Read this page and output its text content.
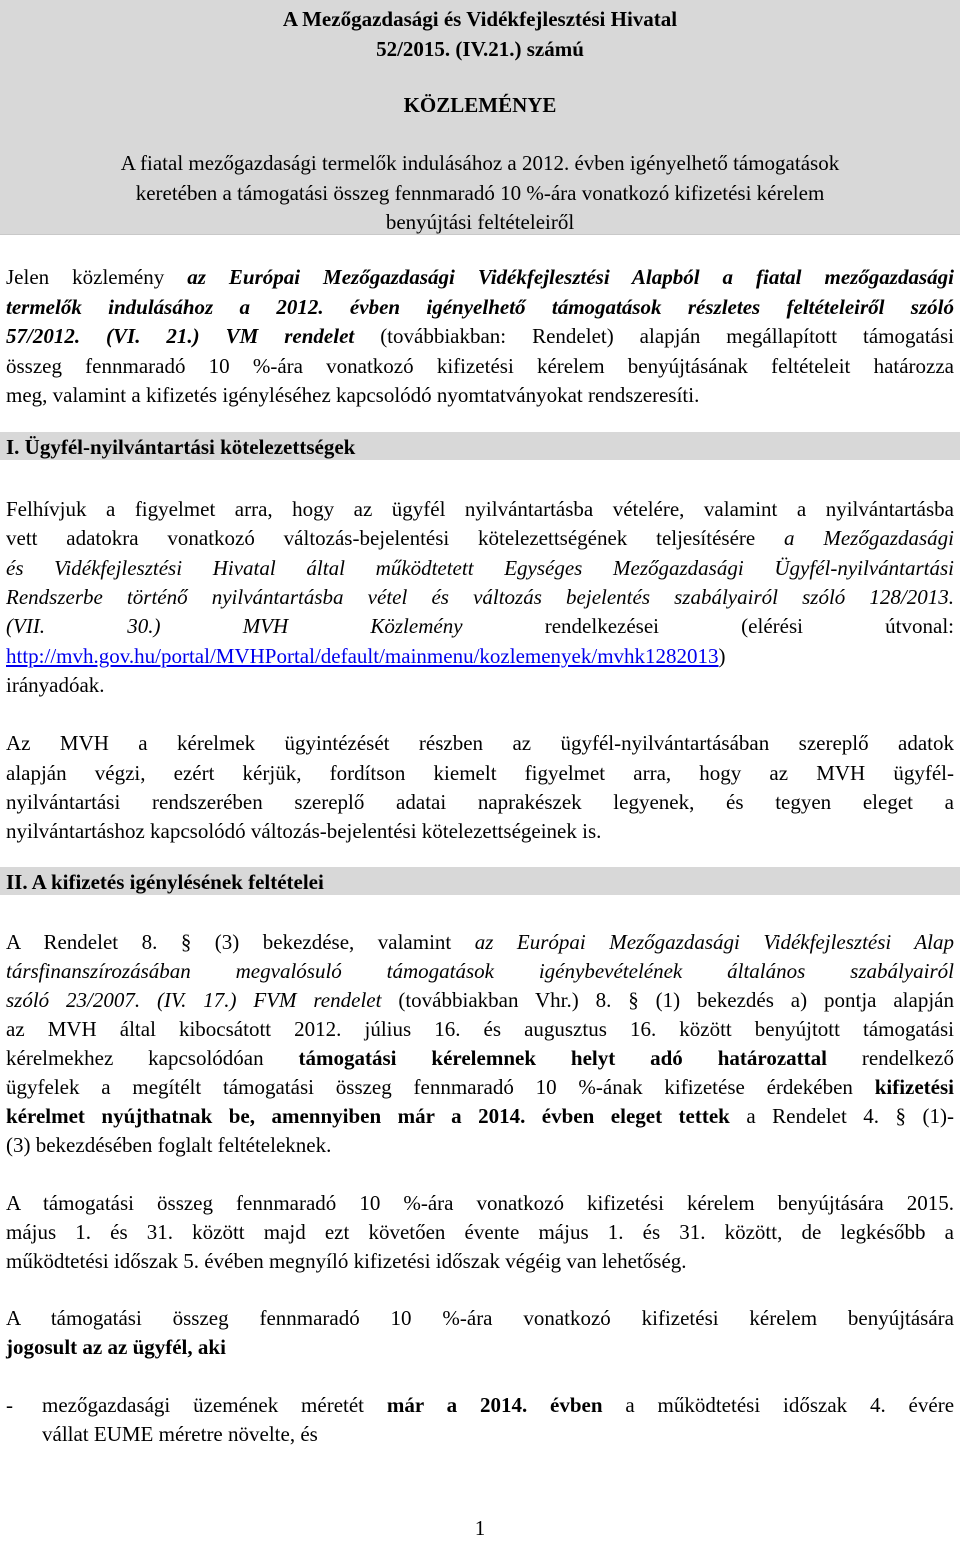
A Mezőgazdasági és Vidékfejlesztési Hivatal
52/2015. (IV.21.) számú
KÖZLEMÉNYE
A fiatal mezőgazdasági termelők indulásához a 2012. évben igényelhető támogatások
keretében a támogatási összeg fennmaradó 10 %-ára vonatkozó kifizetési kérelem
benyújtási feltételeiről
Jelen közlemény az Európai Mezőgazdasági Vidékfejlesztési Alapból a fiatal mezőgazdasági
termelők indulásához a 2012. évben igényelhető támogatások részletes feltételeiről szóló
57/2012. (VI. 21.) VM rendelet (továbbiakban: Rendelet) alapján megállapított támogatási
összeg fennmaradó 10 %-ára vonatkozó kifizetési kérelem benyújtásának feltételeit határozza
meg, valamint a kifizetés igényléséhez kapcsolódó nyomtatványokat rendszeresíti.
I. Ügyfél-nyilvántartási kötelezettségek
Felhívjuk a figyelmet arra, hogy az ügyfél nyilvántartásba vételére, valamint a nyilvántartásba
vett adatokra vonatkozó változás-bejelentési kötelezettségének teljesítésére a Mezőgazdasági
és Vidékfejlesztési Hivatal által működtetett Egységes Mezőgazdasági Ügyfél-nyilvántartási
Rendszerbe történő nyilvántartásba vétel és változás bejelentés szabályairól szóló 128/2013.
(VII. 30.) MVH Közlemény rendelkezései (elérési útvonal:
http://mvh.gov.hu/portal/MVHPortal/default/mainmenu/kozlemenyek/mvhk1282013)
irányadóak.
Az MVH a kérelmek ügyintézését részben az ügyfél-nyilvántartásában szereplő adatok
alapján végzi, ezért kérjük, fordítson kiemelt figyelmet arra, hogy az MVH ügyfél-
nyilvántartási rendszerében szereplő adatai naprakészek legyenek, és tegyen eleget a
nyilvántartáshoz kapcsolódó változás-bejelentési kötelezettségeinek is.
II. A kifizetés igénylésének feltételei
A Rendelet 8. § (3) bekezdése, valamint az Európai Mezőgazdasági Vidékfejlesztési Alap
társfinanszírozásában megvalósuló támogatások igénybevételének általános szabályairól
szóló 23/2007. (IV. 17.) FVM rendelet (továbbiakban Vhr.) 8. § (1) bekezdés a) pontja alapján
az MVH által kibocsátott 2012. július 16. és augusztus 16. között benyújtott támogatási
kérelmekhez kapcsolódóan támogatási kérelemnek helyt adó határozattal rendelkező
ügyfelek a megítélt támogatási összeg fennmaradó 10 %-ának kifizetése érdekében kifizetési
kérelmet nyújthatnak be, amennyiben már a 2014. évben eleget tettek a Rendelet 4. § (1)-
(3) bekezdésében foglalt feltételeknek.
A támogatási összeg fennmaradó 10 %-ára vonatkozó kifizetési kérelem benyújtására 2015.
május 1. és 31. között majd ezt követően évente május 1. és 31. között, de legkésőbb a
működtetési időszak 5. évében megnyíló kifizetési időszak végéig van lehetőség.
A támogatási összeg fennmaradó 10 %-ára vonatkozó kifizetési kérelem benyújtására
jogosult az az ügyfél, aki
- mezőgazdasági üzemének méretét már a 2014. évben a működtetési időszak 4. évére
vállat EUME méretre növelte, és
1
